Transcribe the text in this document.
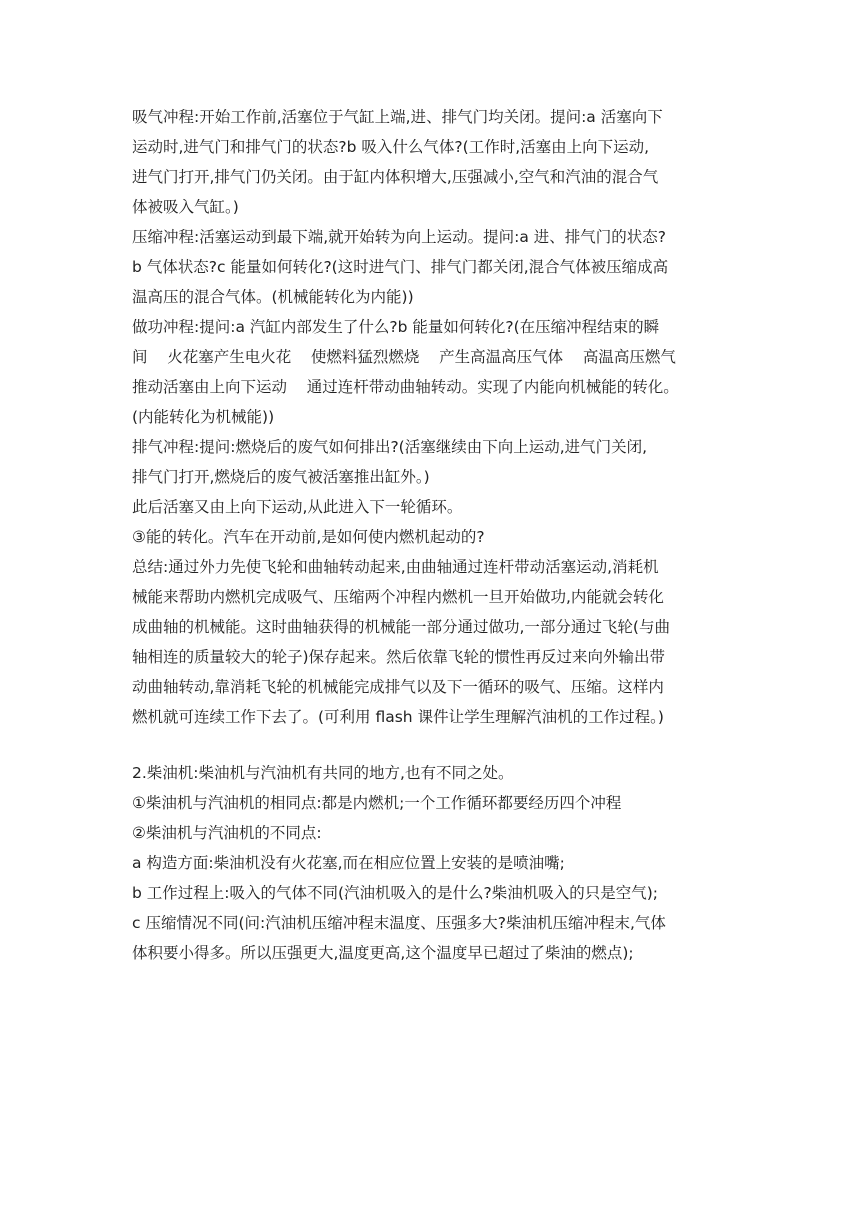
吸气冲程:开始工作前,活塞位于气缸上端,进、排气门均关闭。提问:a 活塞向下
运动时,进气门和排气门的状态?b 吸入什么气体?(工作时,活塞由上向下运动,
进气门打开,排气门仍关闭。由于缸内体积增大,压强减小,空气和汽油的混合气
体被吸入气缸。)
压缩冲程:活塞运动到最下端,就开始转为向上运动。提问:a 进、排气门的状态?
b 气体状态?c 能量如何转化?(这时进气门、排气门都关闭,混合气体被压缩成高
温高压的混合气体。(机械能转化为内能))
做功冲程:提问:a 汽缸内部发生了什么?b 能量如何转化?(在压缩冲程结束的瞬
间    火花塞产生电火花    使燃料猛烈燃烧    产生高温高压气体    高温高压燃气
推动活塞由上向下运动    通过连杆带动曲轴转动。实现了内能向机械能的转化。
(内能转化为机械能))
排气冲程:提问:燃烧后的废气如何排出?(活塞继续由下向上运动,进气门关闭,
排气门打开,燃烧后的废气被活塞推出缸外。)
此后活塞又由上向下运动,从此进入下一轮循环。
③能的转化。汽车在开动前,是如何使内燃机起动的?
总结:通过外力先使飞轮和曲轴转动起来,由曲轴通过连杆带动活塞运动,消耗机
械能来帮助内燃机完成吸气、压缩两个冲程内燃机一旦开始做功,内能就会转化
成曲轴的机械能。这时曲轴获得的机械能一部分通过做功,一部分通过飞轮(与曲
轴相连的质量较大的轮子)保存起来。然后依靠飞轮的惯性再反过来向外输出带
动曲轴转动,靠消耗飞轮的机械能完成排气以及下一循环的吸气、压缩。这样内
燃机就可连续工作下去了。(可利用 flash 课件让学生理解汽油机的工作过程。)
2.柴油机:柴油机与汽油机有共同的地方,也有不同之处。
①柴油机与汽油机的相同点:都是内燃机;一个工作循环都要经历四个冲程
②柴油机与汽油机的不同点:
a 构造方面:柴油机没有火花塞,而在相应位置上安装的是喷油嘴;
b 工作过程上:吸入的气体不同(汽油机吸入的是什么?柴油机吸入的只是空气);
c 压缩情况不同(问:汽油机压缩冲程末温度、压强多大?柴油机压缩冲程末,气体
体积要小得多。所以压强更大,温度更高,这个温度早已超过了柴油的燃点);
